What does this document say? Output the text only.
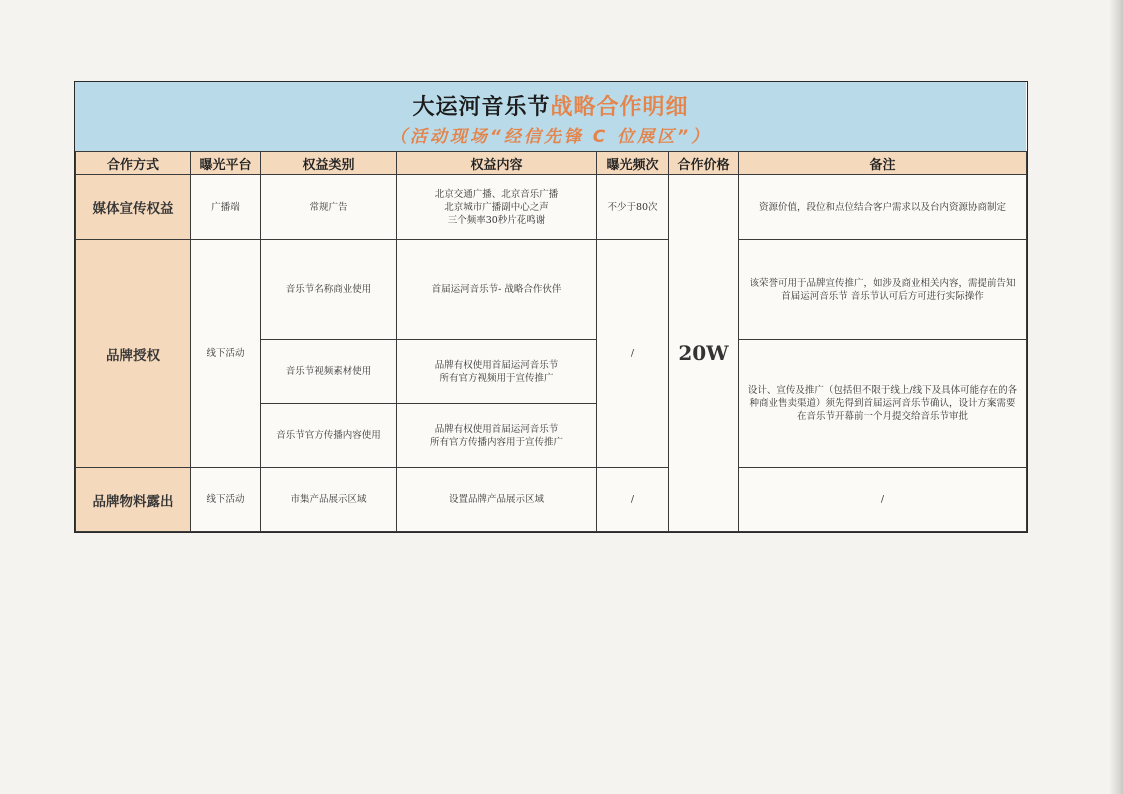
大运河音乐节战略合作明细
（活动现场“经信先锋 C 位展区”）
合作方式	曝光平台	权益类别	权益内容	曝光频次	合作价格	备注
媒体宣传权益	广播端	常规广告	北京交通广播、北京音乐广播
北京城市广播副中心之声
三个频率30秒片花鸣谢	不少于80次	20W	资源价值，段位和点位结合客户需求以及台内资源协商制定
品牌授权	线下活动	音乐节名称商业使用	首届运河音乐节- 战略合作伙伴	/		该荣誉可用于品牌宣传推广，如涉及商业相关内容，需提前告知首届运河音乐节 音乐节认可后方可进行实际操作
		音乐节视频素材使用	品牌有权使用首届运河音乐节
所有官方视频用于宣传推广			设计、宣传及推广（包括但不限于线上/线下及具体可能存在的各种商业售卖渠道）须先得到首届运河音乐节确认，设计方案需要在音乐节开幕前一个月提交给音乐节审批
		音乐节官方传播内容使用	品牌有权使用首届运河音乐节
所有官方传播内容用于宣传推广			

品牌物料露出	线下活动	市集产品展示区域	设置品牌产品展示区域	/		/
